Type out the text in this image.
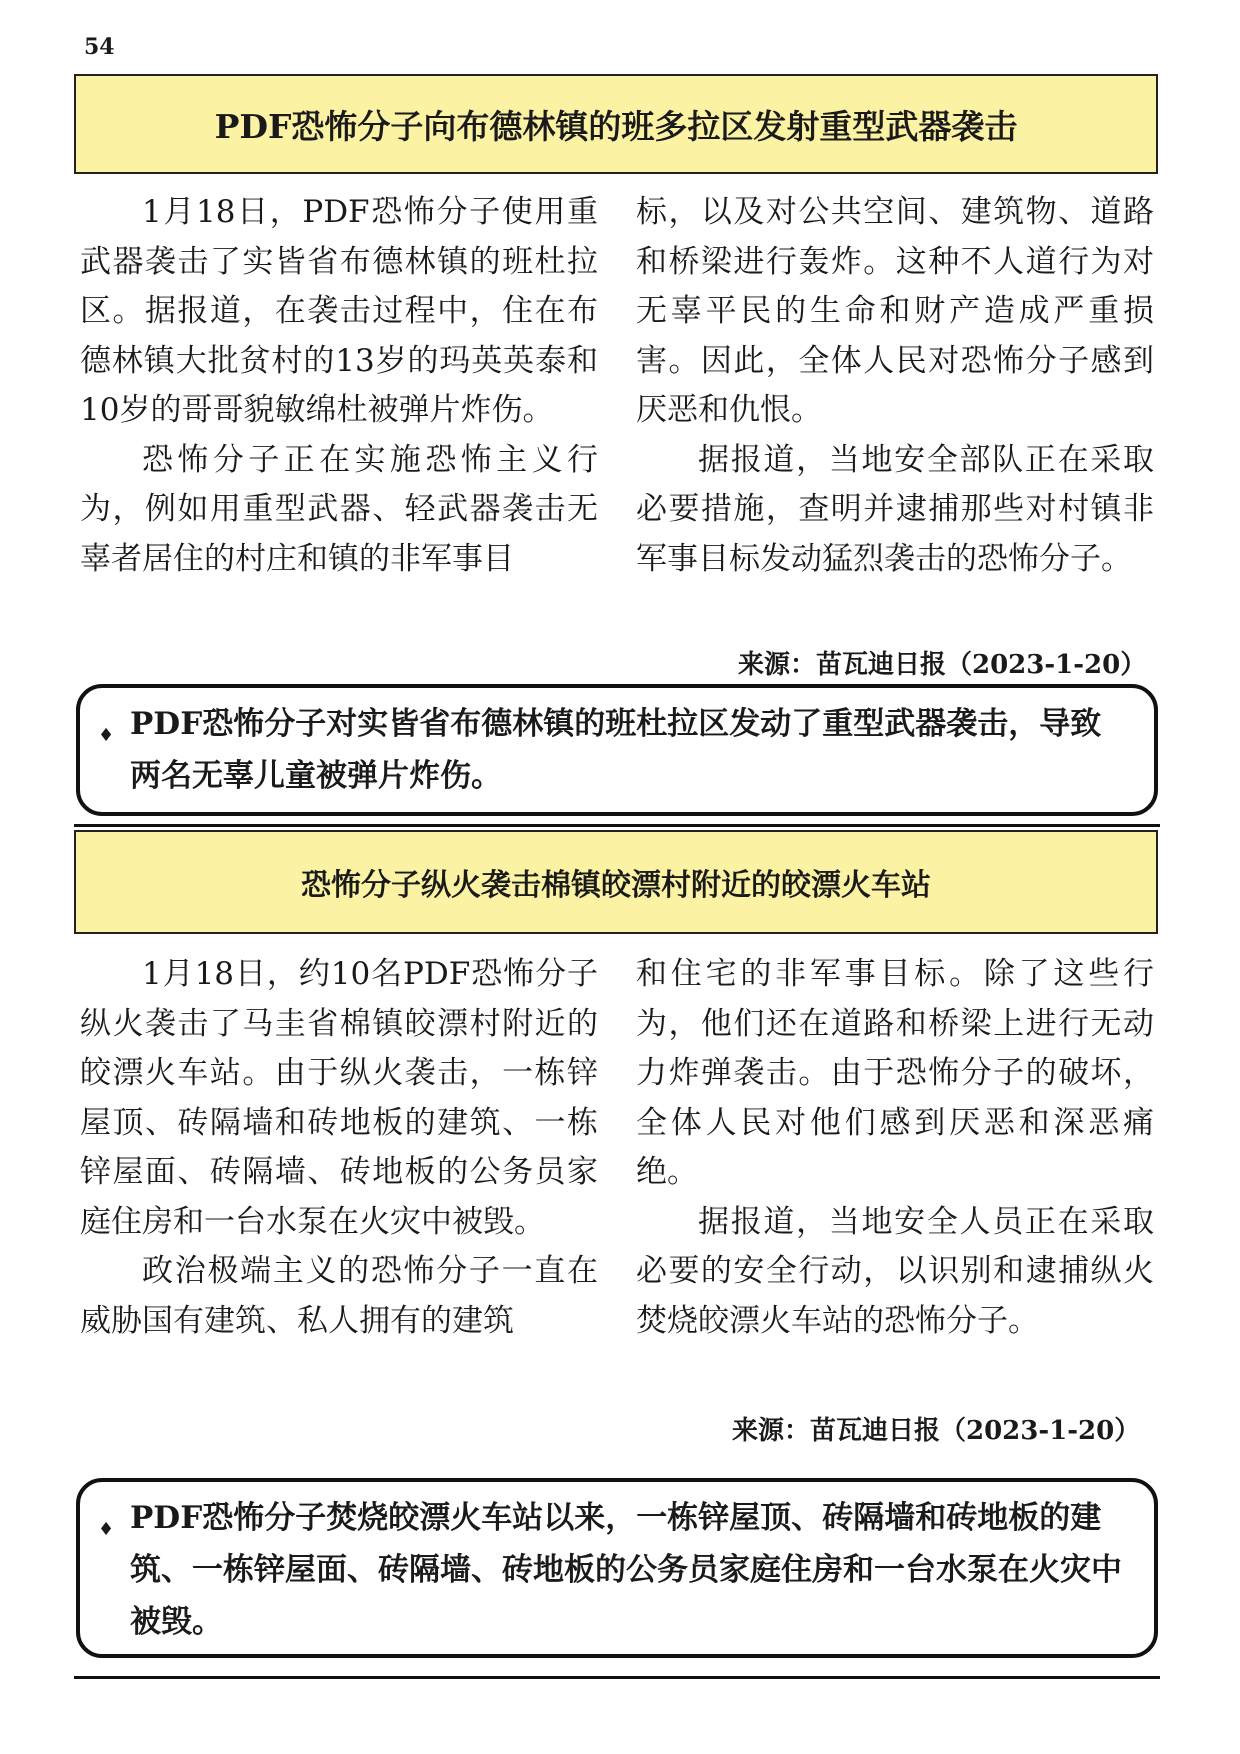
54
PDF恐怖分子向布德林镇的班多拉区发射重型武器袭击

1月18日，PDF恐怖分子使用重武器袭击了实皆省布德林镇的班杜拉区。据报道，在袭击过程中，住在布德林镇大批贫村的13岁的玛英英泰和10岁的哥哥貌敏绵杜被弹片炸伤。

恐怖分子正在实施恐怖主义行为，例如用重型武器、轻武器袭击无辜者居住的村庄和镇的非军事目

标，以及对公共空间、建筑物、道路和桥梁进行轰炸。这种不人道行为对无辜平民的生命和财产造成严重损害。因此，全体人民对恐怖分子感到厌恶和仇恨。

据报道，当地安全部队正在采取必要措施，查明并逮捕那些对村镇非军事目标发动猛烈袭击的恐怖分子。

来源：苗瓦迪日报（2023-1-20）
♦ PDF恐怖分子对实皆省布德林镇的班杜拉区发动了重型武器袭击，导致两名无辜儿童被弹片炸伤。
恐怖分子纵火袭击棉镇皎漂村附近的皎漂火车站

1月18日，约10名PDF恐怖分子纵火袭击了马圭省棉镇皎漂村附近的皎漂火车站。由于纵火袭击，一栋锌屋顶、砖隔墙和砖地板的建筑、一栋锌屋面、砖隔墙、砖地板的公务员家庭住房和一台水泵在火灾中被毁。

政治极端主义的恐怖分子一直在威胁国有建筑、私人拥有的建筑

和住宅的非军事目标。除了这些行为，他们还在道路和桥梁上进行无动力炸弹袭击。由于恐怖分子的破坏，全体人民对他们感到厌恶和深恶痛绝。

据报道，当地安全人员正在采取必要的安全行动，以识别和逮捕纵火焚烧皎漂火车站的恐怖分子。

来源：苗瓦迪日报（2023-1-20）
♦ PDF恐怖分子焚烧皎漂火车站以来，一栋锌屋顶、砖隔墙和砖地板的建筑、一栋锌屋面、砖隔墙、砖地板的公务员家庭住房和一台水泵在火灾中被毁。
